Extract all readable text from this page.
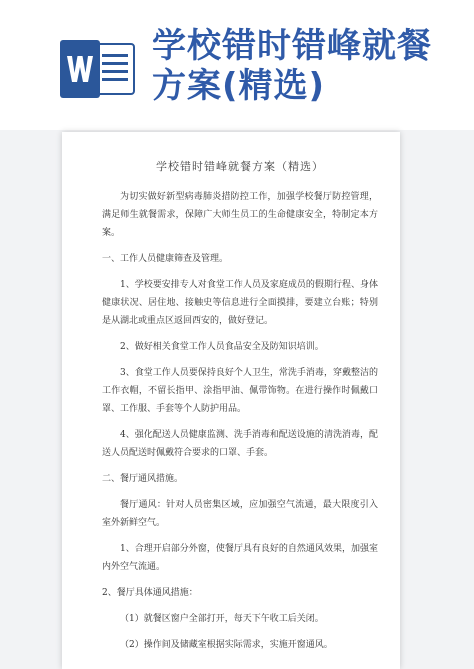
学校错时错峰就餐
方案(精选)
学校错时错峰就餐方案（精选）

为切实做好新型病毒肺炎措防控工作，加强学校餐厅防控管理，满足师生就餐需求，保障广大师生员工的生命健康安全，特制定本方案。

一、工作人员健康筛查及管理。

1、学校要安排专人对食堂工作人员及家庭成员的假期行程、身体健康状况、居住地、接触史等信息进行全面摸排，要建立台账；特别是从湖北或重点区返回西安的，做好登记。

2、做好相关食堂工作人员食品安全及防知识培训。

3、食堂工作人员要保持良好个人卫生，常洗手消毒，穿戴整洁的工作衣帽，不留长指甲、涂指甲油、佩带饰物。在进行操作时佩戴口罩、工作服、手套等个人防护用品。

4、强化配送人员健康监测、洗手消毒和配送设施的清洗消毒，配送人员配送时佩戴符合要求的口罩、手套。

二、餐厅通风措施。

餐厅通风：针对人员密集区域，应加强空气流通，最大限度引入室外新鲜空气。

1、合理开启部分外窗，使餐厅具有良好的自然通风效果，加强室内外空气流通。

2、餐厅具体通风措施：

（1）就餐区窗户全部打开，每天下午收工后关闭。

（2）操作间及储藏室根据实际需求，实施开窗通风。
